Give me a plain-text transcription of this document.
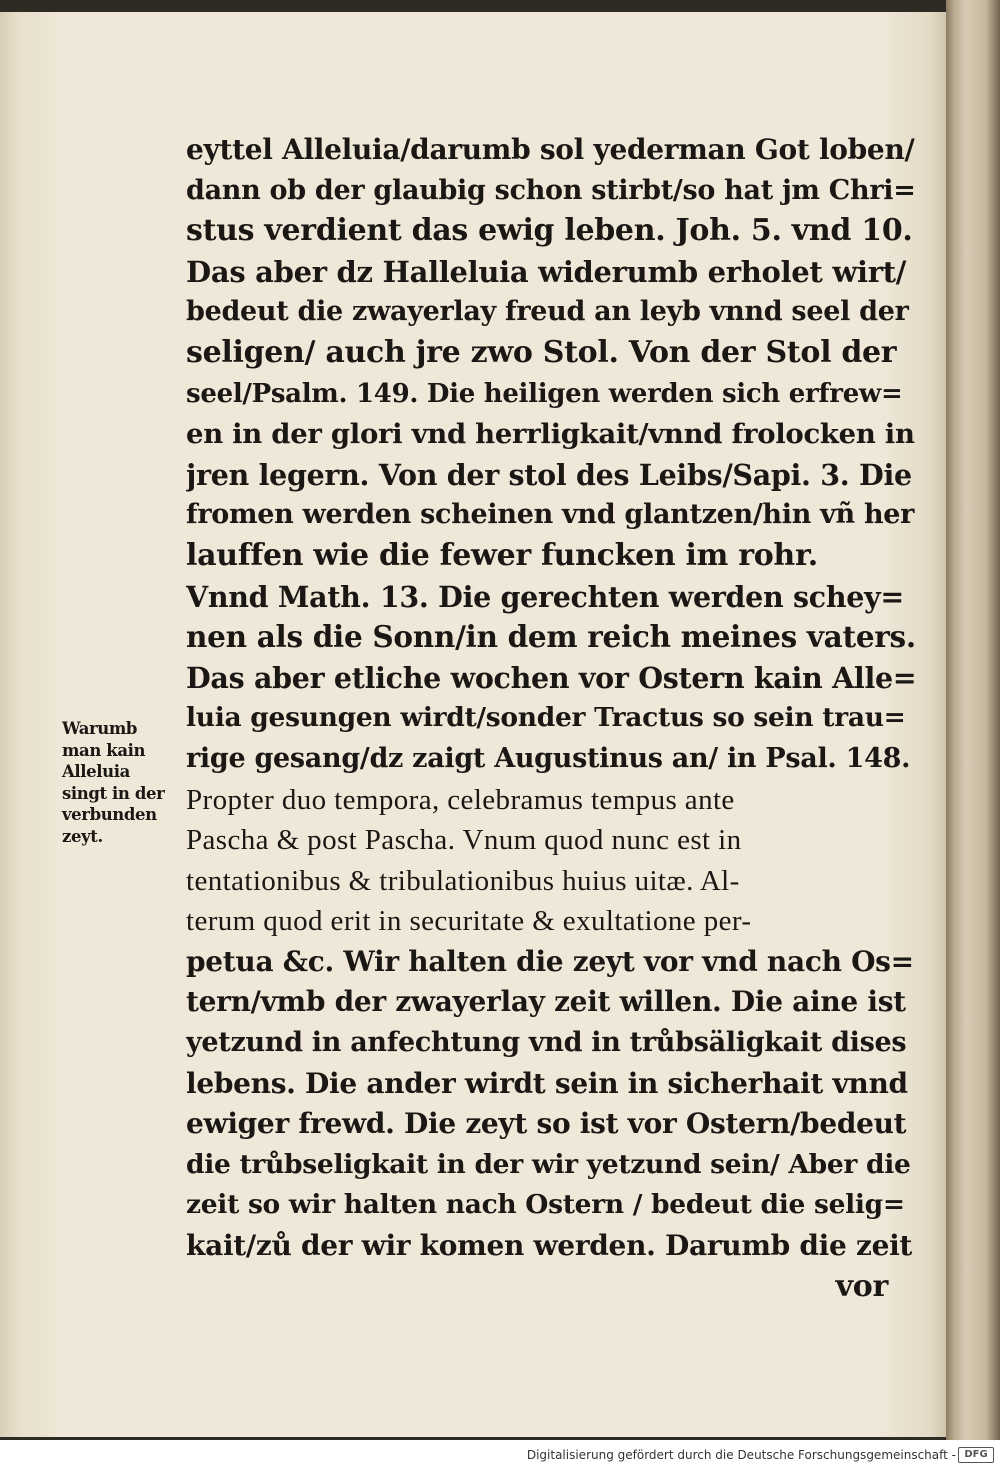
eyttel Alleluia/darumb sol yederman Got loben/
dann ob der glaubig schon stirbt/so hat jm Chri=
stus verdient das ewig leben. Joh. 5. vnd 10.
Das aber dz Halleluia widerumb erholet wirt/
bedeut die zwayerlay freud an leyb vnnd seel der
seligen/ auch jre zwo Stol. Von der Stol der
seel/Psalm. 149. Die heiligen werden sich erfrew=
en in der glori vnd herrligkait/vnnd frolocken in
jren legern. Von der stol des Leibs/Sapi. 3. Die
fromen werden scheinen vnd glantzen/hin vñ her
lauffen wie die fewer funcken im rohr.
Vnnd Math. 13. Die gerechten werden schey=
nen als die Sonn/in dem reich meines vaters.
Das aber etliche wochen vor Ostern kain Alle=
luia gesungen wirdt/sonder Tractus so sein trau=
rige gesang/dz zaigt Augustinus an/ in Psal. 148.
Propter duo tempora, celebramus tempus ante
Pascha & post Pascha. Vnum quod nunc est in
tentationibus & tribulationibus huius uitæ. Al-
terum quod erit in securitate & exultatione per-
petua &c. Wir halten die zeyt vor vnd nach Os=
tern/vmb der zwayerlay zeit willen. Die aine ist
yetzund in anfechtung vnd in trůbsäligkait dises
lebens. Die ander wirdt sein in sicherhait vnnd
ewiger frewd. Die zeyt so ist vor Ostern/bedeut
die trůbseligkait in der wir yetzund sein/ Aber die
zeit so wir halten nach Ostern / bedeut die selig=
kait/zů der wir komen werden. Darumb die zeit
vor
Warumb
man kain
Alleluia
singt in der
verbunden
zeyt.
Digitalisierung gefördert durch die Deutsche Forschungsgemeinschaft - DFG
